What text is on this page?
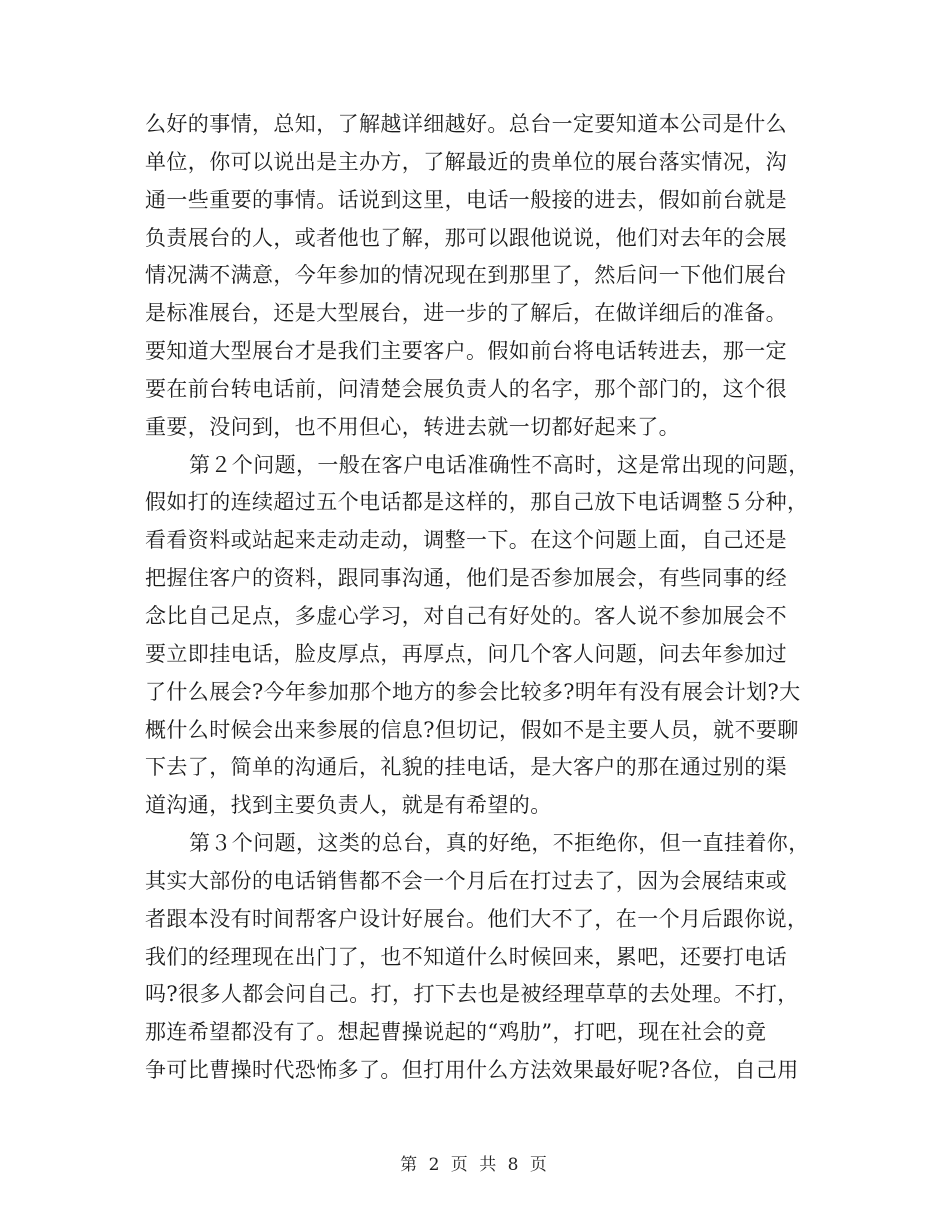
么好的事情，总知，了解越详细越好。总台一定要知道本公司是什么
单位，你可以说出是主办方，了解最近的贵单位的展台落实情况，沟
通一些重要的事情。话说到这里，电话一般接的进去，假如前台就是
负责展台的人，或者他也了解，那可以跟他说说，他们对去年的会展
情况满不满意，今年参加的情况现在到那里了，然后问一下他们展台
是标准展台，还是大型展台，进一步的了解后，在做详细后的准备。
要知道大型展台才是我们主要客户。假如前台将电话转进去，那一定
要在前台转电话前，问清楚会展负责人的名字，那个部门的，这个很
重要，没问到，也不用但心，转进去就一切都好起来了。
第２个问题，一般在客户电话准确性不高时，这是常出现的问题，
假如打的连续超过五个电话都是这样的，那自己放下电话调整５分种，
看看资料或站起来走动走动，调整一下。在这个问题上面，自己还是
把握住客户的资料，跟同事沟通，他们是否参加展会，有些同事的经
念比自己足点，多虚心学习，对自己有好处的。客人说不参加展会不
要立即挂电话，脸皮厚点，再厚点，问几个客人问题，问去年参加过
了什么展会?今年参加那个地方的参会比较多?明年有没有展会计划?大
概什么时候会出来参展的信息?但切记，假如不是主要人员，就不要聊
下去了，简单的沟通后，礼貌的挂电话，是大客户的那在通过别的渠
道沟通，找到主要负责人，就是有希望的。
第３个问题，这类的总台，真的好绝，不拒绝你，但一直挂着你，
其实大部份的电话销售都不会一个月后在打过去了，因为会展结束或
者跟本没有时间帮客户设计好展台。他们大不了，在一个月后跟你说，
我们的经理现在出门了，也不知道什么时候回来，累吧，还要打电话
吗?很多人都会问自己。打，打下去也是被经理草草的去处理。不打，
那连希望都没有了。想起曹操说起的“鸡肋”，打吧，现在社会的竟
争可比曹操时代恐怖多了。但打用什么方法效果最好呢?各位，自己用
第 2 页 共 8 页
